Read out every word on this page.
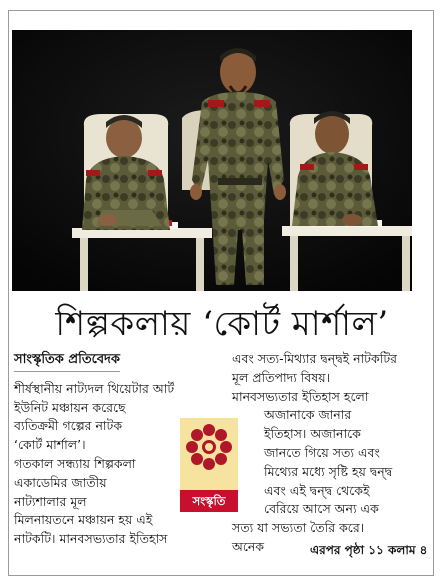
শিল্পকলায় ‘কোর্ট মার্শাল’

সাংস্কৃতিক প্রতিবেদক

শীর্ষস্থানীয় নাট্যদল থিয়েটার আর্ট

ইউনিট মঞ্চায়ন করেছে

ব্যতিক্রমী গল্পের নাটক

‘কোর্ট মার্শাল’।

গতকাল সন্ধ্যায় শিল্পকলা

একাডেমির জাতীয়

নাট্যশালার মূল

মিলনায়তনে মঞ্চায়ন হয় এই

নাটকটি। মানবসভ্যতার ইতিহাস

সংস্কৃতি

এবং সত্য-মিথ্যার দ্বন্দ্বই নাটকটির

মূল প্রতিপাদ্য বিষয়।

মানবসভ্যতার ইতিহাস হলো

অজানাকে জানার

ইতিহাস। অজানাকে

জানতে গিয়ে সত্য এবং

মিথ্যের মধ্যে সৃষ্টি হয় দ্বন্দ্ব

এবং এই দ্বন্দ্ব থেকেই

বেরিয়ে আসে অন্য এক

সত্য যা সভ্যতা তৈরি করে।

অনেক	এরপর পৃষ্ঠা ১১ কলাম ৪
